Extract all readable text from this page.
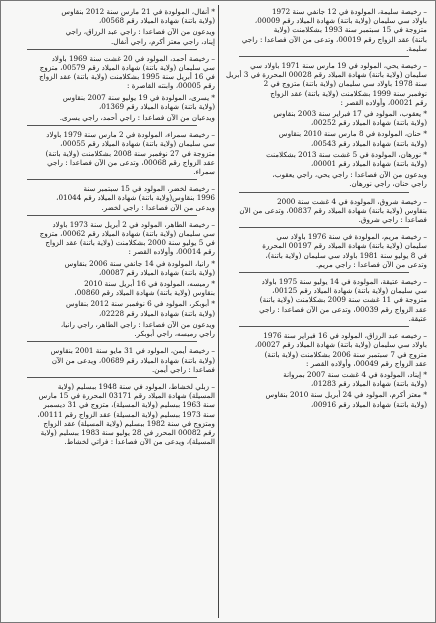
– رخيصة سليمة، المولودة في 12 جانفي سنة 1972
باولاد سي سليمان (ولاية باتنة) شهادة الميلاد رقم 00009،
متزوجة في 15 سبتمبر سنة 1993 بشكلامنت (ولاية
باتنة) عقد الزواج رقم 00019، وتدعى من الآن فصاعدا : راجي
سليمة.
– رخيصة يحي، المولود في 19 مارس سنة 1971 باولاد سي
سليمان (ولاية باتنة) شهادة الميلاد رقم 00028 المحررة في 3 أبريل
سنة 1978 باولاد سي سليمان (ولاية باتنة) متزوج في 2
نوفمبر سنة 1999 بشكلامنت (ولاية باتنة) عقد الزواج
رقم 00021، وأولاده القصر :
* يعقوب، المولود في 17 فبراير سنة 2003 بنقاوس
(ولاية باتنة) شهادة الميلاد رقم 00252،
* حنان، المولودة في 8 مارس سنة 2010 بنقاوس
(ولاية باتنة) شهادة الميلاد رقم 00543،
* نورهان، المولودة في 5 غشت سنة 2013 بشكلامنت
(ولاية باتنة) شهادة الميلاد رقم 00001،
ويدعون من الآن فصاعدا : راجي يحي، راجي يعقوب،
راجي حنان، راجي نورهان.
– رخيصة شروق، المولودة في 4 غشت سنة 2000
بنقاوس (ولاية باتنة) شهادة الميلاد رقم 00837، وتدعى من الآن
فصاعدا : راجي شروق.
– رخيصة مريم، المولودة في سنة 1976 باولاد سي
سليمان (ولاية باتنة) شهادة الميلاد رقم 00197 المحررة
في 8 يوليو سنة 1981 باولاد سي سليمان (ولاية باتنة)،
وتدعى من الآن فصاعدا : راجي مريم.
– رخيصة عتيقة، المولودة في 14 يوليو سنة 1975 باولاد
سي سليمان (ولاية باتنة) شهادة الميلاد رقم 00125،
متزوجة في 11 غشت سنة 2009 بشكلامنت (ولاية باتنة)
عقد الزواج رقم 00039، وتدعى من الآن فصاعدا : راجي
عتيقة.
– رخيصه عبد الرزاق، المولود في 16 فبراير سنة 1976
باولاد سي سليمان (ولاية باتنة) شهادة الميلاد رقم 00027،
متزوج في 7 سبتمبر سنة 2006 بشكلامنت (ولاية باتنة)
عقد الزواج رقم 00049، وأولاده القصر :
* إيناد، المولودة في 4 غشت سنة 2007 بمروانة
(ولاية باتنة) شهادة الميلاد رقم 01283،
* معتز أكرم، المولود في 24 أبريل سنة 2010 بنقاوس
(ولاية باتنة) شهادة الميلاد رقم 00916،
* أنفال، المولودة في 21 مارس سنة 2012 بنقاوس
(ولاية باتنة) شهادة الميلاد رقم 00568،
ويدعون من الآن فصاعدا : راجي عبد الرزاق، راجي
إيناد، راجي معتز أكرم، راجي أنفال.
– رخيصة أحمد، المولود في 20 غشت سنة 1969 باولاد
سي سليمان (ولاية باتنة) شهادة الميلاد رقم 00579، متزوج
في 16 أبريل سنة 1995 بشكلامنت (ولاية باتنة) عقد الزواج
رقم 00005، وابنته القاصرة :
* يسرى، المولودة في 19 يوليو سنة 2007 بنقاوس
(ولاية باتنة) شهادة الميلاد رقم 01369،
ويدعيان من الآن فصاعدا : راجي أحمد، راجي يسرى.
– رخيصة سمراء، المولودة في 2 مارس سنة 1979 باولاد
سي سليمان (ولاية باتنة) شهادة الميلاد رقم 00055،
متزوجة في 27 نوفمبر سنة 2008 بشكلامنت (ولاية باتنة)
عقد الزواج رقم 00068، وتدعى من الآن فصاعدا : راجي
سمراء.
– رخيصة لخضر، المولود في 15 سبتمبر سنة
1996 بنقاوس(ولاية باتنة) شهادة الميلاد رقم 01044،
ويدعى من الآن فصاعدا : راجي لخضر.
– رخيصة الطاهر، المولود في 2 أبريل سنة 1973 باولاد
سي سليمان (ولاية باتنة) شهادة الميلاد رقم 00062، متزوج
في 5 يوليو سنة 2000 بشكلامنت (ولاية باتنة) عقد الزواج
رقم 00014، وأولاده القصر :
* رانيا، المولودة في 14 جانفي سنة 2006 بنقاوس
(ولاية باتنة) شهادة الميلاد رقم 00087،
* رميسه، المولودة في 16 أبريل سنة 2010
بنقاوس (ولاية باتنة) شهادة الميلاد رقم 00860،
* أبوبكر، المولود في 6 نوفمبر سنة 2012 بنقاوس
(ولاية باتنة) شهادة الميلاد رقم 02228،
ويدعون من الآن فصاعدا : راجي الطاهر، راجي رانيا،
راجي رميسه، راجي أبوبكر.
– رخيصة أيمن، المولود في 31 مايو سنة 2001 بنقاوس
(ولاية باتنة) شهادة الميلاد رقم 00689، ويدعى من الآن
فصاعدا : راجي أيمن.
– زبلي لخشاط، المولود في سنة 1948 ببسليم (ولاية
المسيلة) شهادة الميلاد رقم 03171 المحررة في 15 مارس
سنة 1963 ببسليم (ولاية المسيلة)، متزوج في 31 ديسمبر
سنة 1973 ببسليم (ولاية المسيلة) عقد الزواج رقم 00111،
ومتزوج في سنة 1982 ببسليم (ولاية المسيلة) عقد الزواج
رقم 00082 المحرر في 28 يوليو سنة 1983 ببسليم (ولاية
المسيلة)، ويدعى من الآن فصاعدا : فراتي لخشاط.
